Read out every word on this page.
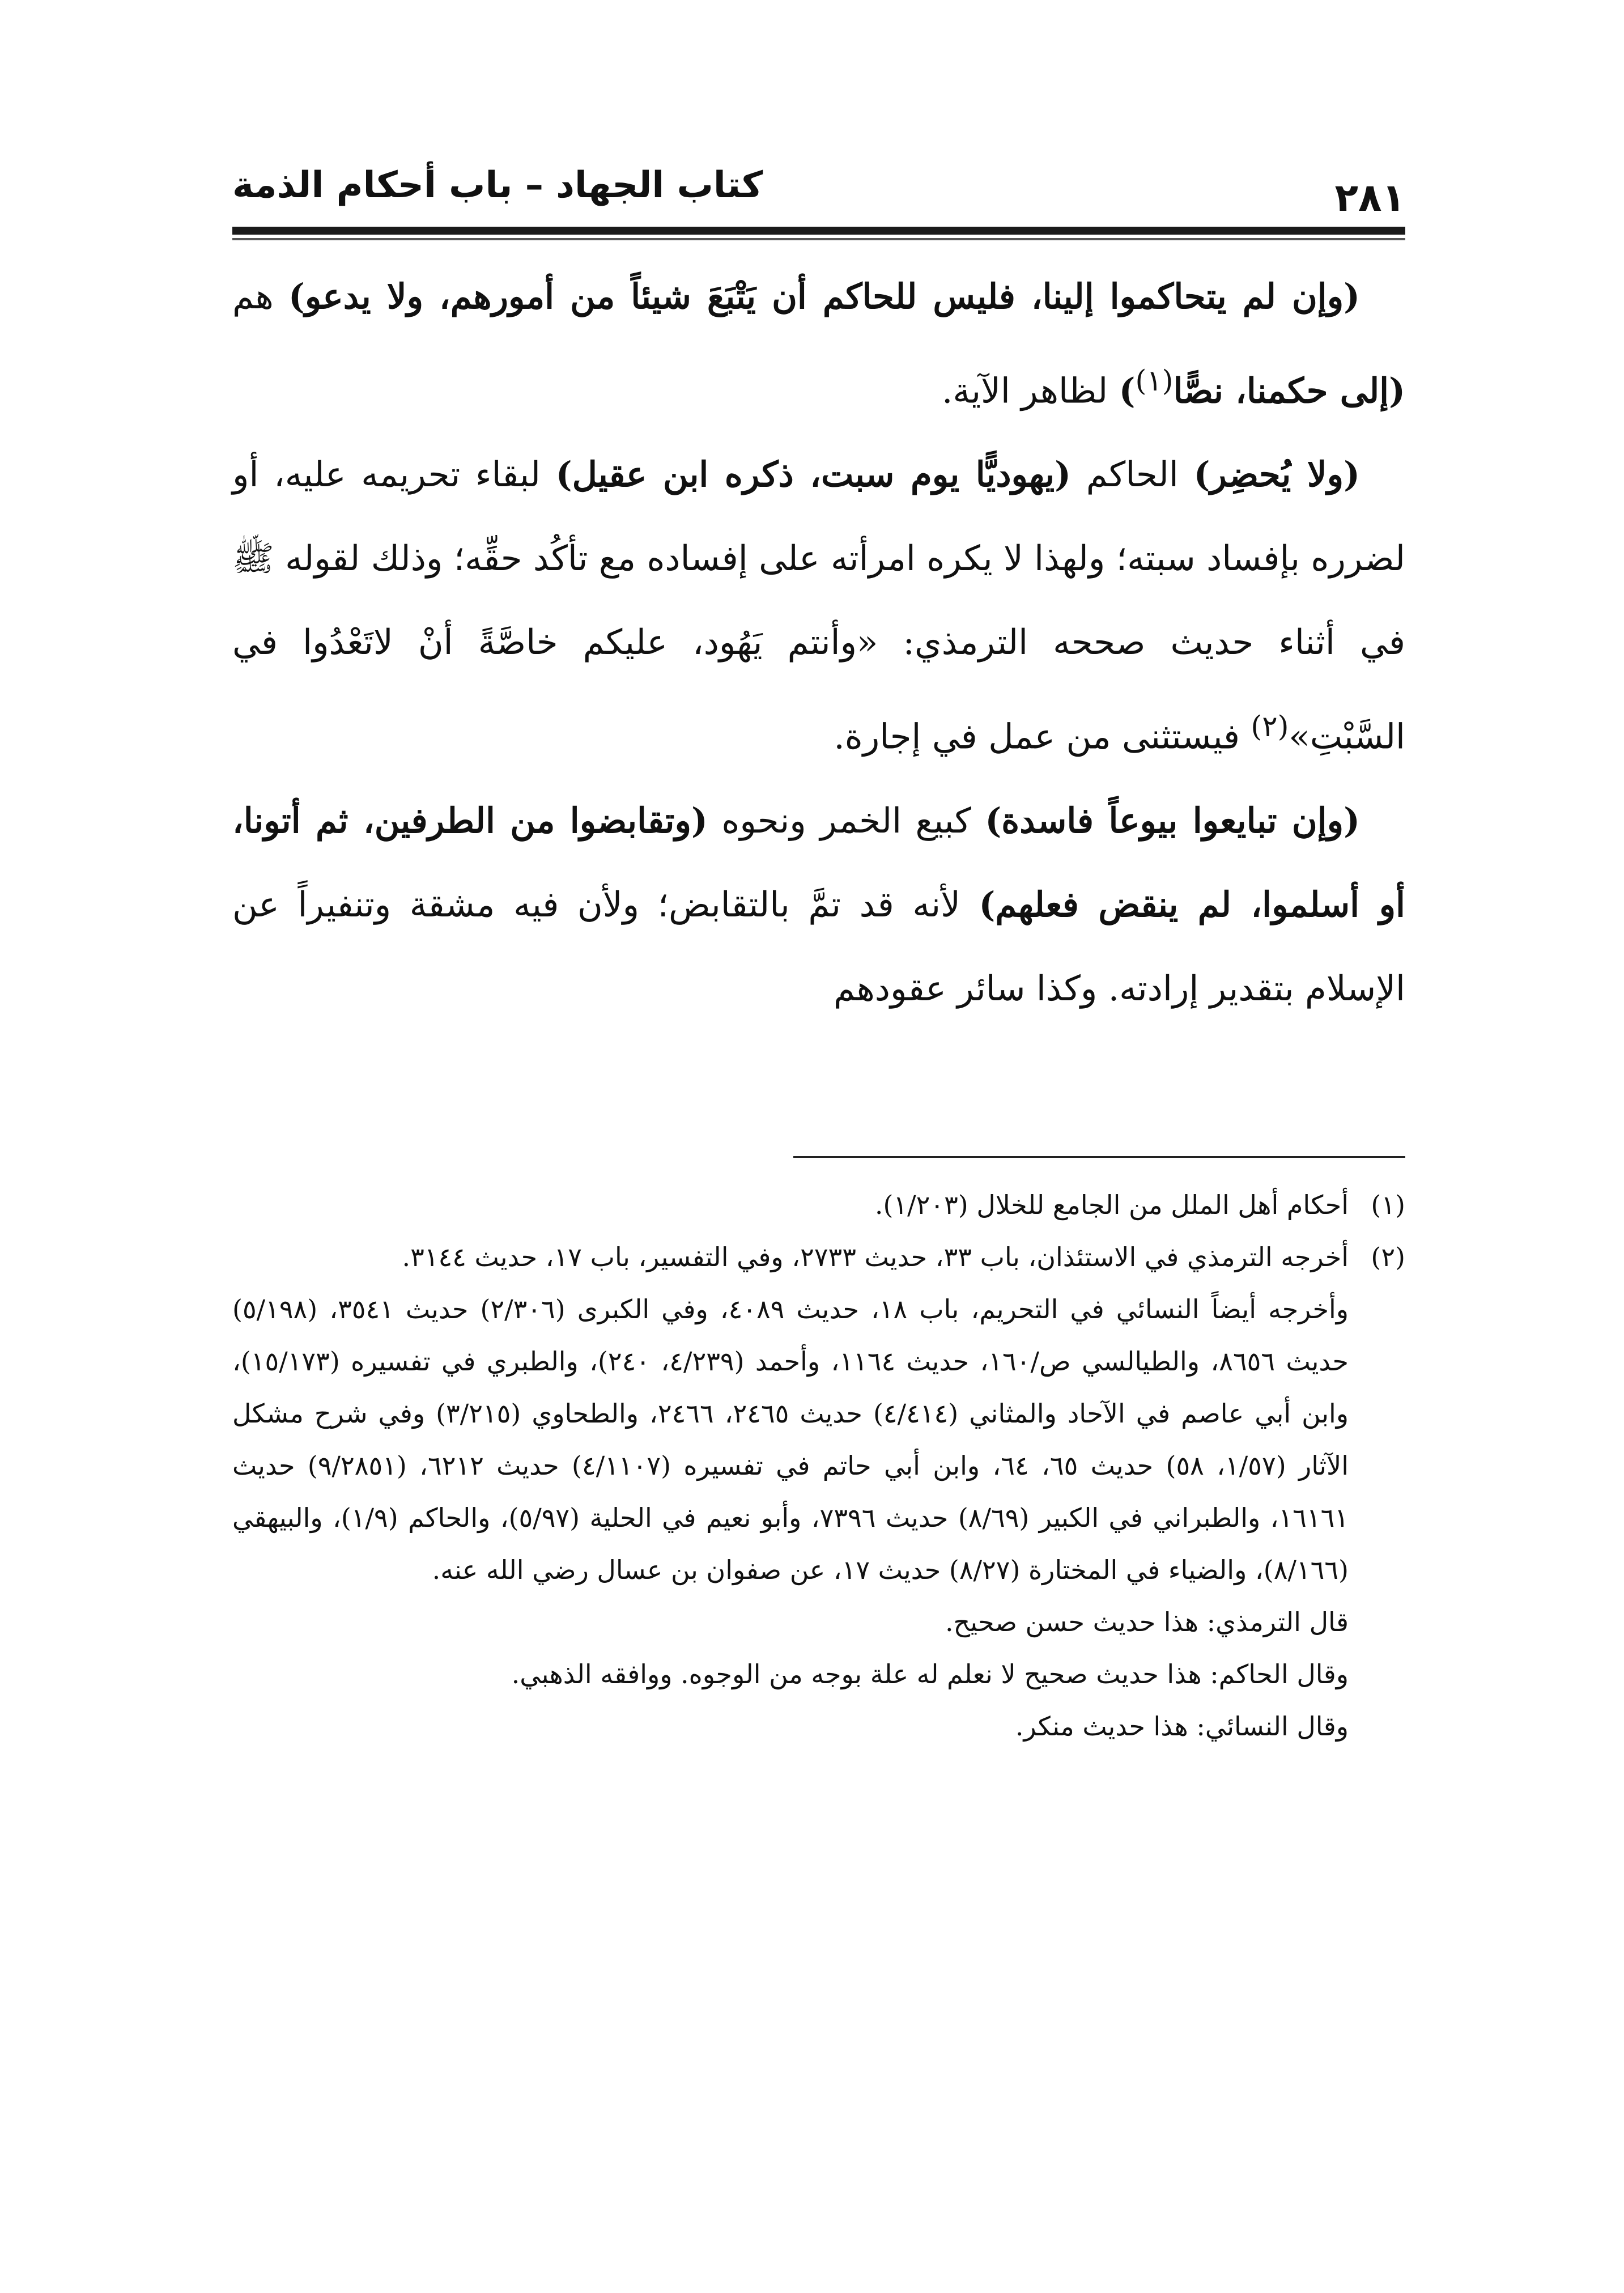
٢٨١
كتاب الجهاد – باب أحكام الذمة

(وإن لم يتحاكموا إلينا، فليس للحاكم أن يَتْبَعَ شيئاً من أمورهم، ولا يدعو) هم (إلى حكمنا، نصًّا$^{(١)}$) لظاهر الآية.

(ولا يُحضِر) الحاكم (يهوديًّا يوم سبت، ذكره ابن عقيل) لبقاء تحريمه عليه، أو لضرره بإفساد سبته؛ ولهذا لا يكره امرأته على إفساده مع تأكُد حقِّه؛ وذلك لقوله ﷺ في أثناء حديث صححه الترمذي: «وأنتم يَهُود، عليكم خاصَّةً أنْ لاتَعْدُوا في السَّبْتِ»$^{(٢)}$ فيستثنى من عمل في إجارة.

(وإن تبايعوا بيوعاً فاسدة) كبيع الخمر ونحوه (وتقابضوا من الطرفين، ثم أتونا، أو أسلموا، لم ينقض فعلهم) لأنه قد تمَّ بالتقابض؛ ولأن فيه مشقة وتنفيراً عن الإسلام بتقدير إرادته. وكذا سائر عقودهم

(١)
أحكام أهل الملل من الجامع للخلال (١/٢٠٣).
(٢)
أخرجه الترمذي في الاستئذان، باب ٣٣، حديث ٢٧٣٣، وفي التفسير، باب ١٧، حديث ٣١٤٤.
وأخرجه أيضاً النسائي في التحريم، باب ١٨، حديث ٤٠٨٩، وفي الكبرى (٢/٣٠٦) حديث ٣٥٤١، (٥/١٩٨) حديث ٨٦٥٦، والطيالسي ص/١٦٠، حديث ١١٦٤، وأحمد (٤/٢٣٩، ٢٤٠)، والطبري في تفسيره (١٥/١٧٣)، وابن أبي عاصم في الآحاد والمثاني (٤/٤١٤) حديث ٢٤٦٥، ٢٤٦٦، والطحاوي (٣/٢١٥) وفي شرح مشكل الآثار (١/٥٧، ٥٨) حديث ٦٥، ٦٤، وابن أبي حاتم في تفسيره (٤/١١٠٧) حديث ٦٢١٢، (٩/٢٨٥١) حديث ١٦١٦١، والطبراني في الكبير (٨/٦٩) حديث ٧٣٩٦، وأبو نعيم في الحلية (٥/٩٧)، والحاكم (١/٩)، والبيهقي (٨/١٦٦)، والضياء في المختارة (٨/٢٧) حديث ١٧، عن صفوان بن عسال رضي الله عنه.
قال الترمذي: هذا حديث حسن صحيح.
وقال الحاكم: هذا حديث صحيح لا نعلم له علة بوجه من الوجوه. ووافقه الذهبي.
وقال النسائي: هذا حديث منكر.
